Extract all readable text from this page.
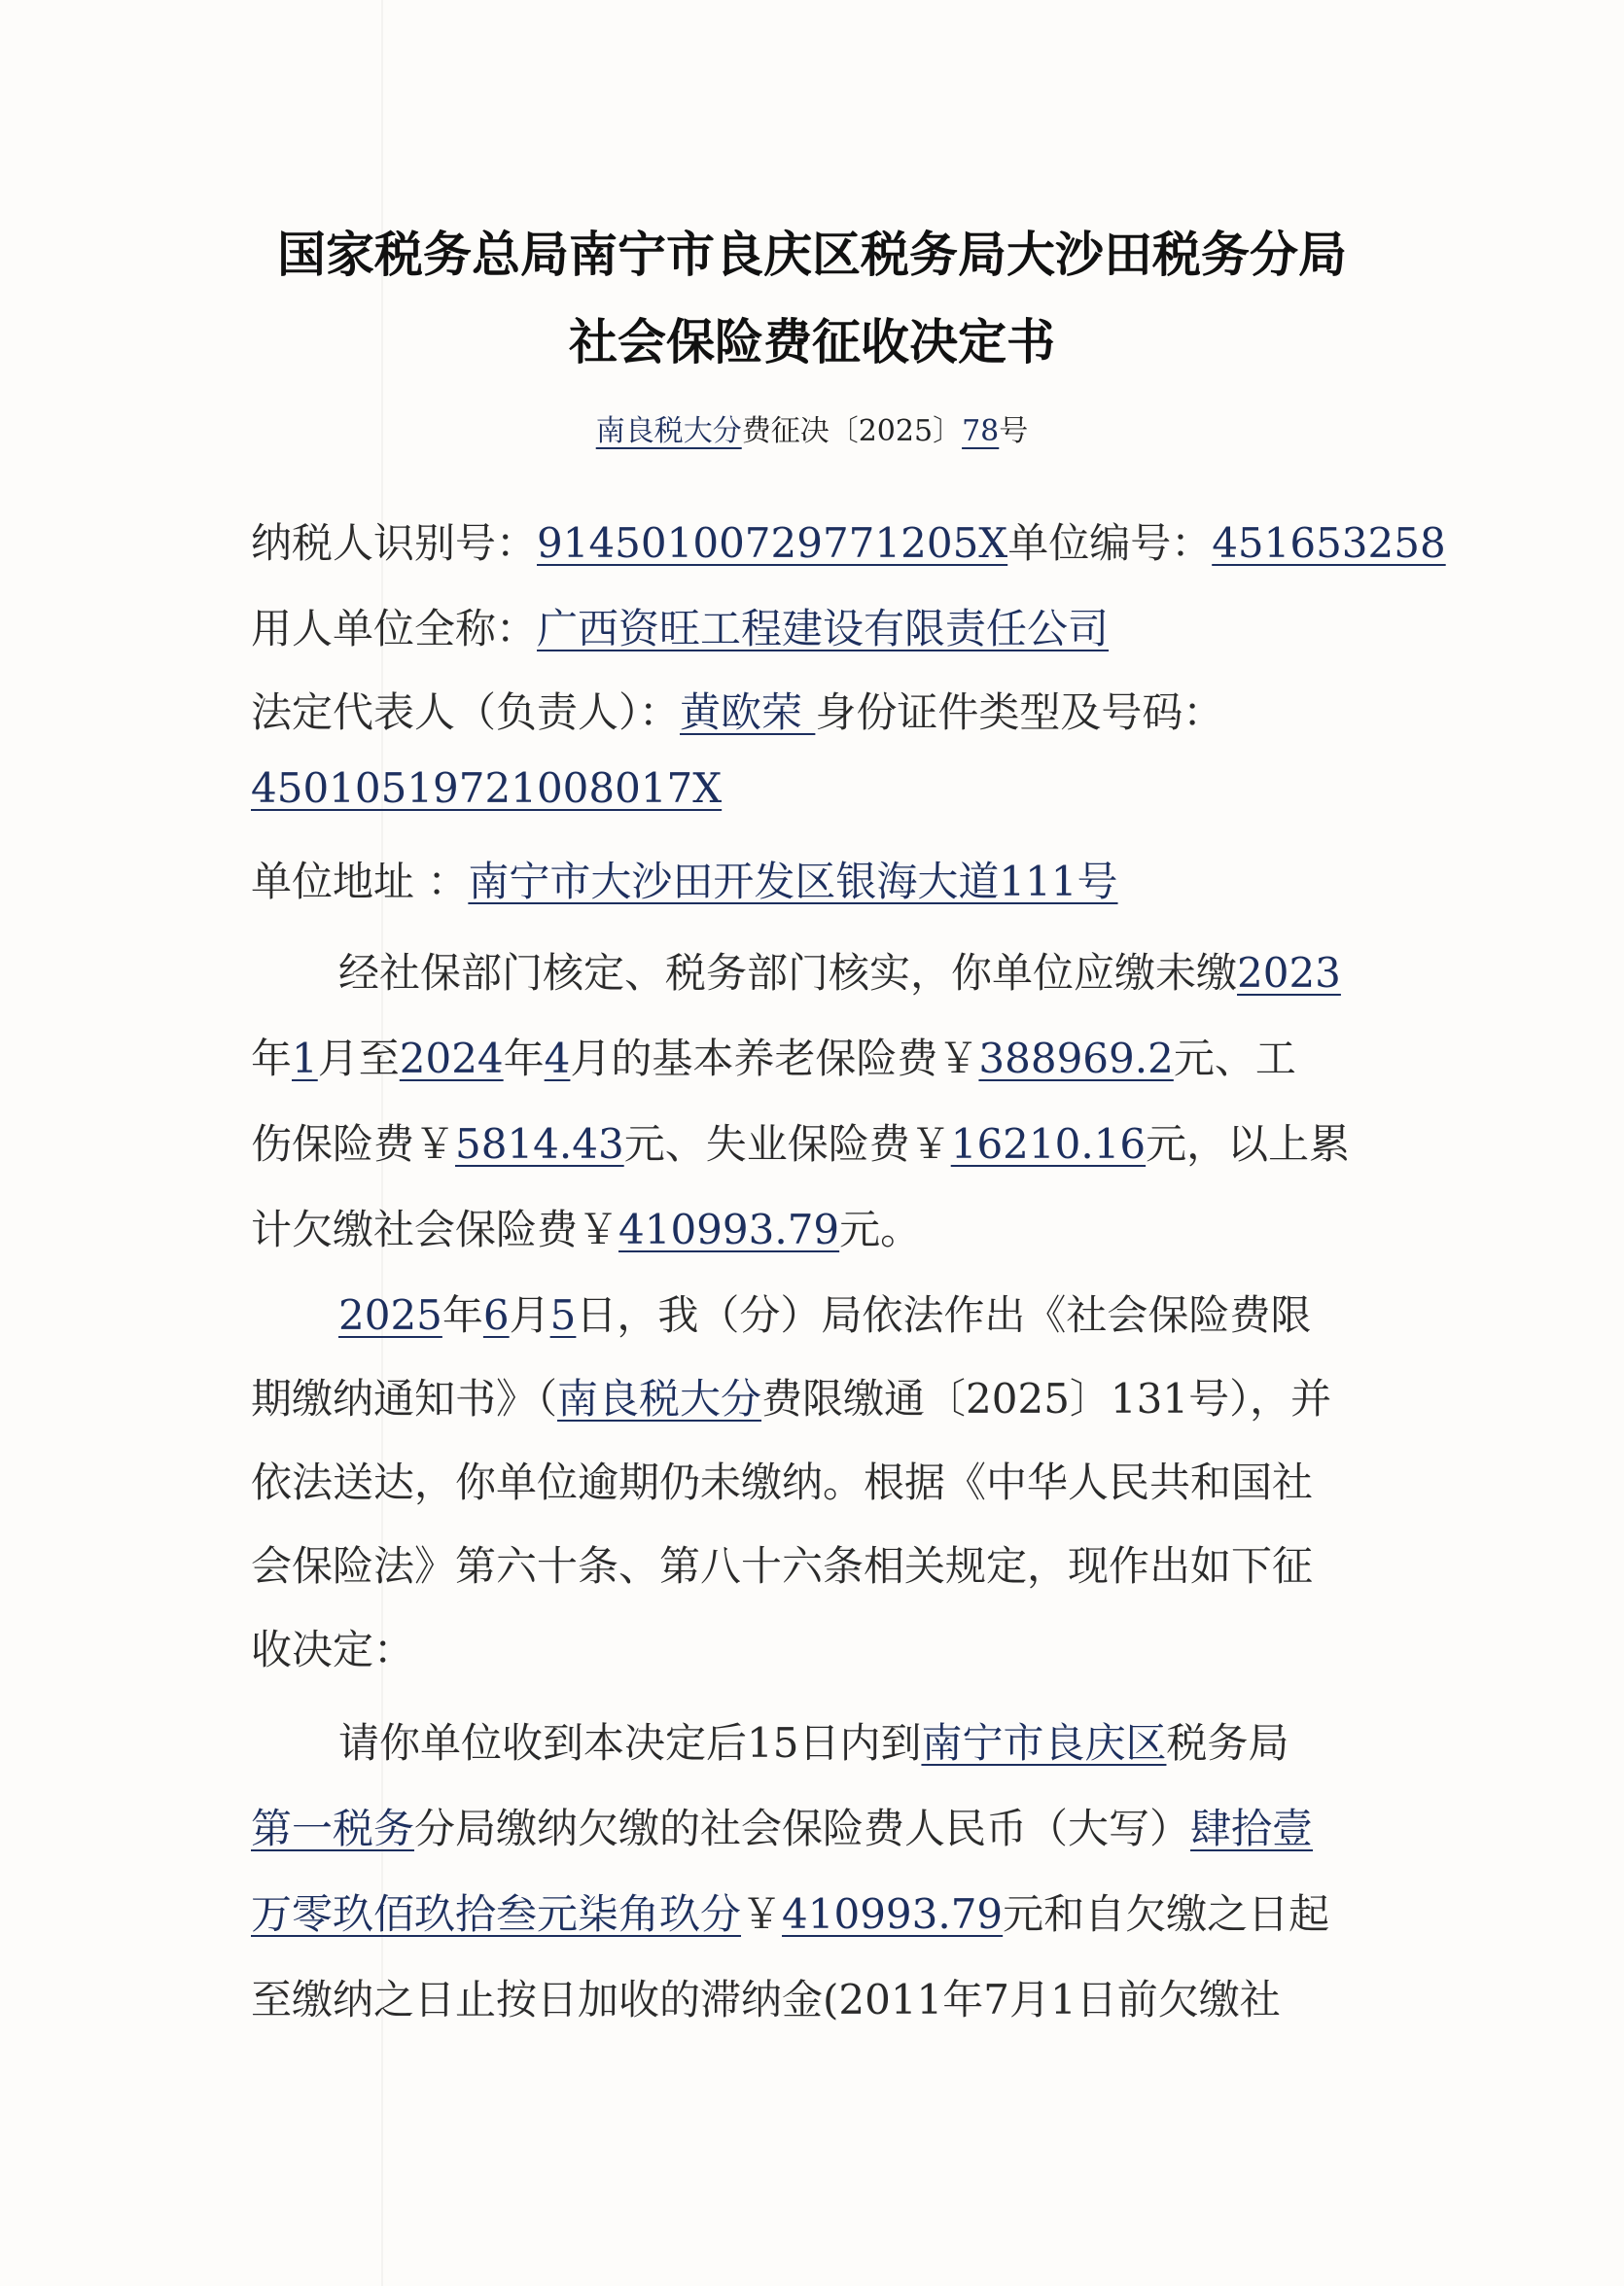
国家税务总局南宁市良庆区税务局大沙田税务分局
社会保险费征收决定书
南良税大分费征决〔2025〕78号
纳税人识别号：91450100729771205X单位编号：451653258
用人单位全称：广西资旺工程建设有限责任公司
法定代表人（负责人）：黄欧荣 身份证件类型及号码：
45010519721008017X
单位地址 ：南宁市大沙田开发区银海大道111号
经社保部门核定、税务部门核实，你单位应缴未缴2023
年1月至2024年4月的基本养老保险费￥388969.2元、工
伤保险费￥5814.43元、失业保险费￥16210.16元，以上累
计欠缴社会保险费￥410993.79元。
2025年6月5日，我（分）局依法作出《社会保险费限
期缴纳通知书》（南良税大分费限缴通〔2025〕131号），并
依法送达，你单位逾期仍未缴纳。根据《中华人民共和国社
会保险法》第六十条、第八十六条相关规定，现作出如下征
收决定：
请你单位收到本决定后15日内到南宁市良庆区税务局
第一税务分局缴纳欠缴的社会保险费人民币（大写）肆拾壹
万零玖佰玖拾叁元柒角玖分￥410993.79元和自欠缴之日起
至缴纳之日止按日加收的滞纳金(2011年7月1日前欠缴社
